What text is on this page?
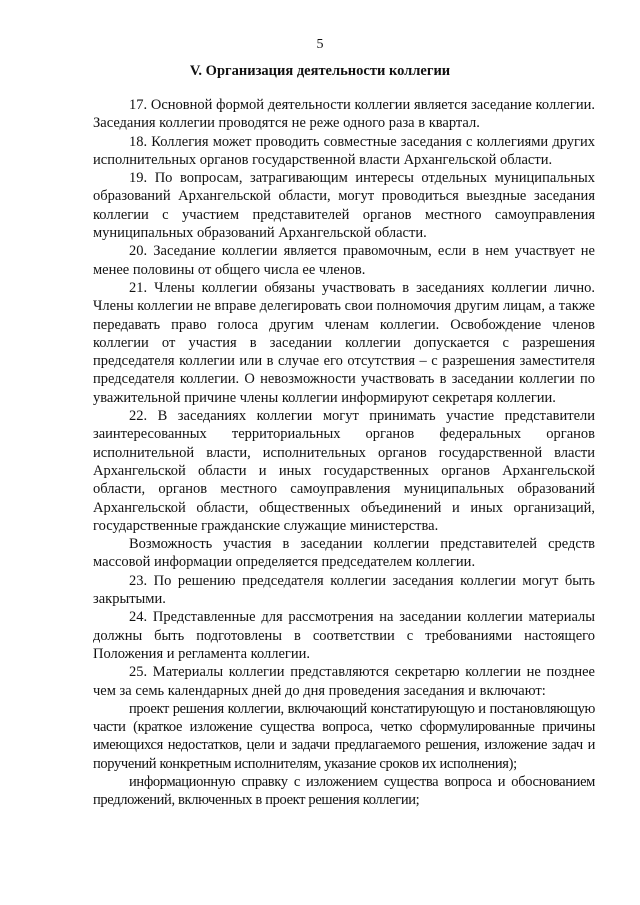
5
V. Организация деятельности коллегии

17. Основной формой деятельности коллегии является заседание коллегии. Заседания коллегии проводятся не реже одного раза в квартал.

18. Коллегия может проводить совместные заседания с коллегиями других исполнительных органов государственной власти Архангельской области.

19. По вопросам, затрагивающим интересы отдельных муниципальных образований Архангельской области, могут проводиться выездные заседания коллегии с участием представителей органов местного самоуправления муниципальных образований Архангельской области.

20. Заседание коллегии является правомочным, если в нем участвует не менее половины от общего числа ее членов.

21. Члены коллегии обязаны участвовать в заседаниях коллегии лично. Члены коллегии не вправе делегировать свои полномочия другим лицам, а также передавать право голоса другим членам коллегии. Освобождение членов коллегии от участия в заседании коллегии допускается с разрешения председателя коллегии или в случае его отсутствия – с разрешения заместителя председателя коллегии. О невозможности участвовать в заседании коллегии по уважительной причине члены коллегии информируют секретаря коллегии.

22. В заседаниях коллегии могут принимать участие представители заинтересованных территориальных органов федеральных органов исполнительной власти, исполнительных органов государственной власти Архангельской области и иных государственных органов Архангельской области, органов местного самоуправления муниципальных образований Архангельской области, общественных объединений и иных организаций, государственные гражданские служащие министерства.

Возможность участия в заседании коллегии представителей средств массовой информации определяется председателем коллегии.

23. По решению председателя коллегии заседания коллегии могут быть закрытыми.

24. Представленные для рассмотрения на заседании коллегии материалы должны быть подготовлены в соответствии с требованиями настоящего Положения и регламента коллегии.

25. Материалы коллегии представляются секретарю коллегии не позднее чем за семь календарных дней до дня проведения заседания и включают:

проект решения коллегии, включающий констатирующую и постановляющую части (краткое изложение существа вопроса, четко сформулированные причины имеющихся недостатков, цели и задачи предлагаемого решения, изложение задач и поручений конкретным исполнителям, указание сроков их исполнения);

информационную справку с изложением существа вопроса и обоснованием предложений, включенных в проект решения коллегии;
